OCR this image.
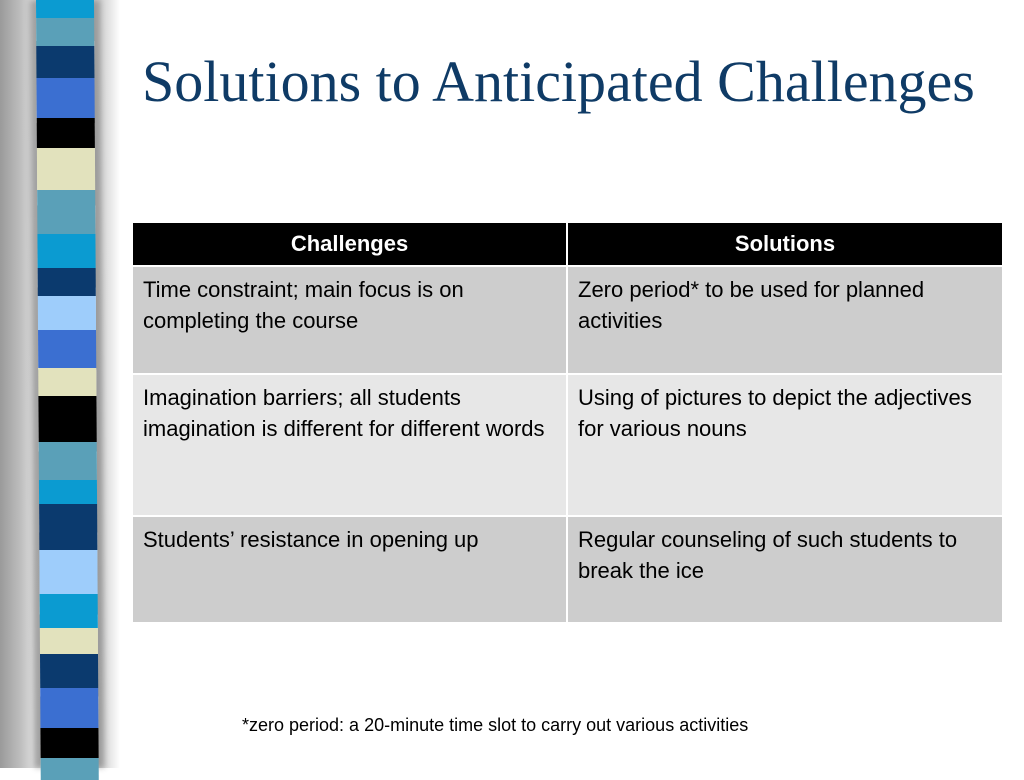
Solutions to Anticipated Challenges
Challenges	Solutions
Time constraint; main focus is on completing the course	Zero period* to be used for planned activities
Imagination barriers; all students imagination is different for different words	Using of pictures to depict the adjectives for various nouns
Students’ resistance in opening up	Regular counseling of such students to break the ice
*zero period: a 20-minute time slot to carry out various activities
